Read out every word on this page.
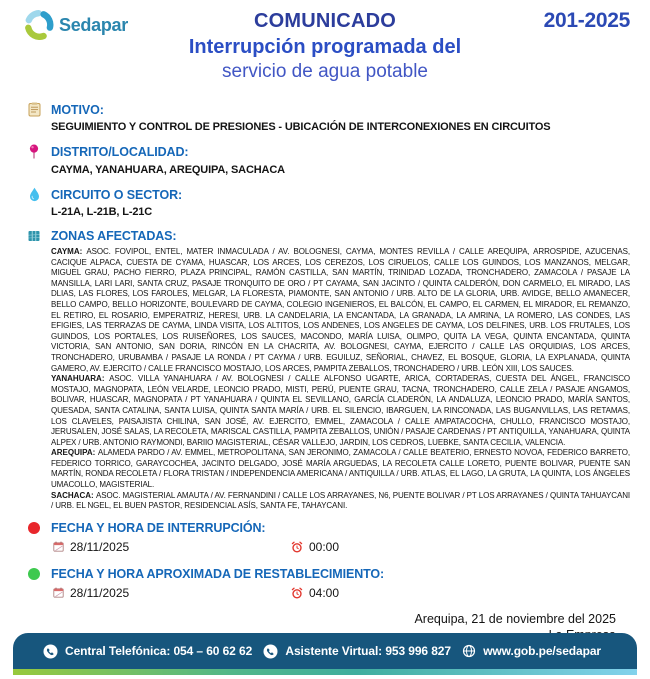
Sedapar	COMUNICADO	201-2025
Interrupción programada del
servicio de agua potable
MOTIVO:
SEGUIMIENTO Y CONTROL DE PRESIONES - UBICACIÓN DE INTERCONEXIONES EN CIRCUITOS
DISTRITO/LOCALIDAD:
CAYMA, YANAHUARA, AREQUIPA, SACHACA
CIRCUITO O SECTOR:
L-21A, L-21B, L-21C
ZONAS AFECTADAS:

CAYMA: ASOC. FOVIPOL, ENTEL, MATER INMACULADA / AV. BOLOGNESI, CAYMA, MONTES REVILLA / CALLE AREQUIPA, ARROSPIDE, AZUCENAS, CACIQUE ALPACA, CUESTA DE CYAMA, HUASCAR, LOS ARCES, LOS CEREZOS, LOS CIRUELOS, CALLE LOS GUINDOS, LOS MANZANOS, MELGAR, MIGUEL GRAU, PACHO FIERRO, PLAZA PRINCIPAL, RAMÓN CASTILLA, SAN MARTÍN, TRINIDAD LOZADA, TRONCHADERO, ZAMACOLA / PASAJE LA MANSILLA, LARI LARI, SANTA CRUZ, PASAJE TRONQUITO DE ORO / PT CAYAMA, SAN JACINTO / QUINTA CALDERÓN, DON CARMELO, EL MIRADO, LAS DLIAS, LAS FLORES, LOS FAROLES, MELGAR, LA FLORESTA, PIAMONTE, SAN ANTONIO / URB. ALTO DE LA GLORIA, URB. AVIDGE, BELLO AMANECER, BELLO CAMPO, BELLO HORIZONTE, BOULEVARD DE CAYMA, COLEGIO INGENIEROS, EL BALCÓN, EL CAMPO, EL CARMEN, EL MIRADOR, EL REMANZO, EL RETIRO, EL ROSARIO, EMPERATRIZ, HERESI, URB. LA CANDELARIA, LA ENCANTADA, LA GRANADA, LA AMRINA, LA ROMERO, LAS CONDES, LAS EFIGIES, LAS TERRAZAS DE CAYMA, LINDA VISITA, LOS ALTITOS, LOS ANDENES, LOS ANGELES DE CAYMA, LOS DELFINES, URB. LOS FRUTALES, LOS GUINDOS, LOS PORTALES, LOS RUISEÑORES, LOS SAUCES, MACONDO, MARÍA LUISA, OLIMPO, QUITA LA VEGA, QUINTA ENCANTADA, QUINTA VICTORIA, SAN ANTONIO, SAN DORIA, RINCÓN EN LA CHACRITA, AV. BOLOGNESI, CAYMA, EJERCITO / CALLE LAS ORQUIDIAS, LOS ARCES, TRONCHADERO, URUBAMBA / PASAJE LA RONDA / PT CAYMA / URB. EGUILUZ, SEÑORIAL, CHAVEZ, EL BOSQUE, GLORIA, LA EXPLANADA, QUINTA GAMERO, AV. EJERCITO / CALLE FRANCISCO MOSTAJO, LOS ARCES, PAMPITA ZEBALLOS, TRONCHADERO / URB. LEÓN XIII, LOS SAUCES.

YANAHUARA: ASOC. VILLA YANAHUARA / AV. BOLOGNESI / CALLE ALFONSO UGARTE, ARICA, CORTADERAS, CUESTA DEL ÁNGEL, FRANCISCO MOSTAJO, MAGNOPATA, LEÓN VELARDE, LEONCIO PRADO, MISTI, PERÚ, PUENTE GRAU, TACNA, TRONCHADERO, CALLE ZELA / PASAJE ANGAMOS, BOLIVAR, HUASCAR, MAGNOPATA / PT YANAHUARA / QUINTA EL SEVILLANO, GARCÍA CLADERÓN, LA ANDALUZA, LEONCIO PRADO, MARÍA SANTOS, QUESADA, SANTA CATALINA, SANTA LUISA, QUINTA SANTA MARÍA / URB. EL SILENCIO, IBARGUEN, LA RINCONADA, LAS BUGANVILLAS, LAS RETAMAS, LOS CLAVELES, PAISAJISTA CHILINA, SAN JOSÉ, AV. EJERCITO, EMMEL, ZAMACOLA / CALLE AMPATACOCHA, CHULLO, FRANCISCO MOSTAJO, JERUSALEN, JOSÉ SALAS, LA RECOLETA, MARISCAL CASTILLA, PAMPITA ZEBALLOS, UNIÓN / PASAJE CARDENAS / PT ANTIQUILLA, YANAHUARA, QUINTA ALPEX / URB. ANTONIO RAYMONDI, BARIIO MAGISTERIAL, CÉSAR VALLEJO, JARDIN, LOS CEDROS, LUEBKE, SANTA CECILIA, VALENCIA.

AREQUIPA: ALAMEDA PARDO / AV. EMMEL, METROPOLITANA, SAN JERONIMO, ZAMACOLA / CALLE BEATERIO, ERNESTO NOVOA, FEDERICO BARRETO, FEDERICO TORRICO, GARAYCOCHEA, JACINTO DELGADO, JOSÉ MARÍA ARGUEDAS, LA RECOLETA CALLE LORETO, PUENTE BOLIVAR, PUENTE SAN MARTÍN, RONDA RECOLETA / FLORA TRISTAN / INDEPENDENCIA AMERICANA / ANTIQUILLA / URB. ATLAS, EL LAGO, LA GRUTA, LA QUINTA, LOS ÁNGELES UMACOLLO, MAGISTERIAL.

SACHACA: ASOC. MAGISTERIAL AMAUTA / AV. FERNANDINI / CALLE LOS ARRAYANES, N6, PUENTE BOLIVAR / PT LOS ARRAYANES / QUINTA TAHUAYCANI / URB. EL NGEL, EL BUEN PASTOR, RESIDENCIAL ASÍS, SANTA FE, TAHAYCANI.

FECHA Y HORA DE INTERRUPCIÓN:
28/11/2025	00:00
FECHA Y HORA APROXIMADA DE RESTABLECIMIENTO:
28/11/2025	04:00
Arequipa, 21 de noviembre del 2025
Central Telefónica: 054 – 60 62 62	Asistente Virtual: 953 996 827	www.gob.pe/sedapar
